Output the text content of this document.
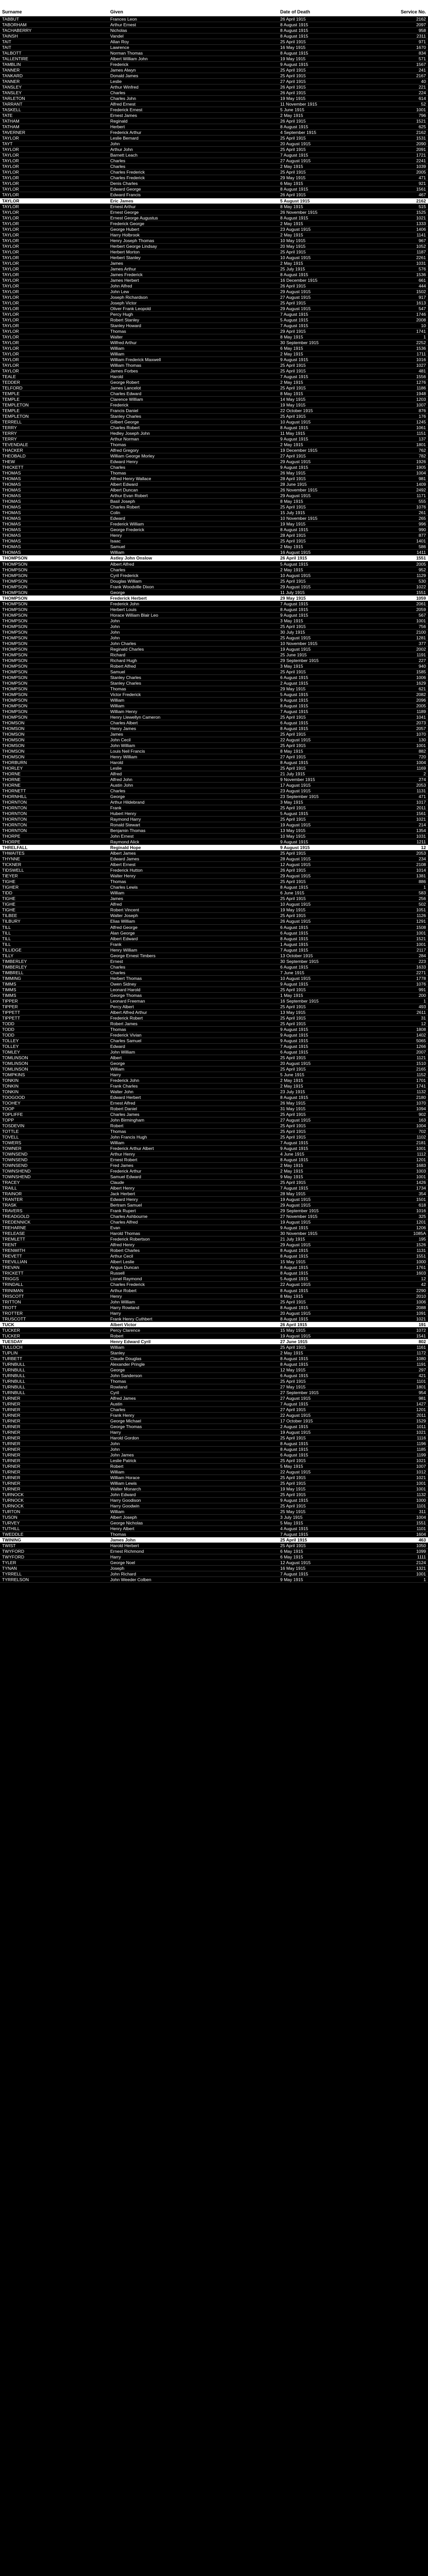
Surname	Given	Date of Death	Service No.
TABBUT	Frances Leon	26 April 1915	2162
TABORHAM	Arthur Ernest	8 August 1915	2097
TACHABERRY	Nicholas	8 August 1915	958
TAINSH	Vandel	8 August 1915	2311
TAIT	Allan Roy	25 April 1915	971
TAIT	Lawrence	16 May 1915	1670
TALBOTT	Norman Thomas	8 August 1915	834
TALLENTIRE	Albert William John	19 May 1915	571
TAMBLIN	Frederick	9 August 1915	1567
TANNER	James Alwyn	25 April 1915	241
TANKARD	Donald James	25 April 1915	2167
TANNER	Leslie	27 April 1915	40
TANSLEY	Arthur Winfred	26 April 1915	221
TANSLEY	Charles	26 April 1915	224
TARLETON	Charles John	19 May 1915	614
TARRANT	Alfred Ernest	11 November 1915	52
TASKELL	Frederick Ernest	5 June 1915	1001
TATE	Ernest James	2 May 1915	796
TATHAM	Reginald	26 April 1915	1521
TATHAM	Herbert	8 August 1915	625
TAVERNER	Frederick Arthur	4 September 1915	2162
TAYLOR	Leslie Bernard	25 April 1915	1531
TAYT	John	20 August 1915	2090
TAYLOR	Arthur John	25 April 1915	2091
TAYLOR	Barnett Leach	7 August 1915	1721
TAYLOR	Charles	27 August 1915	2241
TAYLOR	Charles	2 May 1915	1039
TAYLOR	Charles Frederick	25 April 1915	2005
TAYLOR	Charles Frederick	29 May 1915	471
TAYLOR	Denis Charles	6 May 1915	921
TAYLOR	Edward George	8 August 1915	1561
TAYLOR	Edward Francis	26 April 1915	467
TAYLOR	Eric James	5 August 1915	2162
TAYLOR	Ernest Arthur	8 May 1915	515
TAYLOR	Ernest George	26 November 1915	1525
TAYLOR	Ernest George Augustus	8 August 1915	1021
TAYLOR	Frederick George	2 May 1915	1333
TAYLOR	George Hubert	23 August 1915	1406
TAYLOR	Harry Holbrook	2 May 1915	1141
TAYLOR	Henry Joseph Thomas	10 May 1915	967
TAYLOR	Herbert George Lindsay	20 May 1915	1052
TAYLOR	Herbert Morton	25 April 1915	1187
TAYLOR	Herbert Stanley	10 August 1915	2261
TAYLOR	James	2 May 1915	1031
TAYLOR	James Arthur	25 July 1915	576
TAYLOR	James Frederick	8 August 1915	1536
TAYLOR	James Herbert	16 December 1915	661
TAYLOR	John Alfred	26 April 1915	444
TAYLOR	John Lew	29 August 1915	1502
TAYLOR	Joseph Richardson	27 August 1915	917
TAYLOR	Joseph Victor	25 April 1915	1613
TAYLOR	Oliver Frank Leopold	29 August 1915	547
TAYLOR	Percy Hugh	7 August 1915	1746
TAYLOR	Robert Stanley	5 August 1915	2008
TAYLOR	Stanley Howard	7 August 1915	10
TAYLOR	Thomas	29 April 1915	1741
TAYLOR	Walter	8 May 1915	1
TAYLOR	Wilfred Arthur	30 September 1915	2252
TAYLOR	William	6 May 1915	1536
TAYLOR	William	2 May 1915	1711
TAYLOR	William Frederick Maxwell	9 August 1915	1016
TAYLOR	William Thomas	25 April 1915	1027
TAYLOR	James Forbes	25 April 1915	481
TEALE	Harold	7 August 1915	1556
TEDDER	George Robert	2 May 1915	1276
TELFORD	James Lancelot	25 April 1915	1186
TEMPLE	Charles Edward	8 May 1915	1948
TEMPLE	Clarence William	14 May 1915	1203
TEMPLETON	Frederick	19 May 1915	1007
TEMPLE	Francis Daniel	22 October 1915	876
TEMPLETON	Stanley Charles	25 April 1915	176
TERRELL	Gilbert George	10 August 1915	1245
TERRY	Charles Robert	8 August 1915	1061
TERRY	Hedley Joseph John	11 May 1915	1151
TERRY	Arthur Norman	9 August 1915	137
TEVENDALE	Thomas	2 May 1915	1801
THACKER	Alfred Gregory	19 December 1915	762
THEOBALD	William George Morley	27 April 1915	782
THEW	Edward Henry	29 August 1915	1926
THICKETT	Charles	9 August 1915	1905
THOMAS	Thomas	26 May 1915	1004
THOMAS	Alfred Henry Wallace	28 April 1915	981
THOMAS	Albert Edward	28 June 1915	1409
THOMAS	Albert Duncan	26 November 1915	2492
THOMAS	Arthur Evan Robert	29 August 1915	1171
THOMAS	Basil Joseph	8 May 1915	555
THOMAS	Charles Robert	25 April 1915	1076
THOMAS	Colin	15 July 1915	261
THOMAS	Edward	10 November 1915	265
THOMAS	Frederick William	19 May 1915	996
THOMAS	George Frederick	8 August 1915	990
THOMAS	Henry	28 April 1915	877
THOMAS	Isaac	25 April 1915	1401
THOMAS	Samuel	2 May 1915	586
THOMAS	William	16 August 1915	1411
THOMPSON	Astley John Onslow	26 April 1915	1551
THOMPSON	Albert Alfred	5 August 1915	2005
THOMPSON	Charles	2 May 1915	952
THOMPSON	Cyril Frederick	10 August 1915	1129
THOMPSON	Douglas William	25 April 1915	530
THOMPSON	Frank Woodville Dixon	29 August 1915	1022
THOMPSON	George	11 July 1915	1551
THOMPSON	Frederick Herbert	29 May 1915	1059
THOMPSON	Frederick John	7 August 1915	2061
THOMPSON	Herbert Louis	8 August 1915	2059
THOMPSON	Horace William Blair Leo	9 August 1915	567
THOMPSON	John	3 May 1915	1001
THOMPSON	John	25 April 1915	756
THOMPSON	John	30 July 1915	2100
THOMPSON	John	25 August 1915	1281
THOMPSON	John Charles	10 November 1915	377
THOMPSON	Reginald Charles	19 August 1915	2002
THOMPSON	Richard	25 June 1915	1191
THOMPSON	Richard Hugh	29 September 1915	227
THOMPSON	Robert Alfred	3 May 1915	940
THOMPSON	Samuel	25 April 1915	1585
THOMPSON	Stanley Charles	6 August 1915	1006
THOMPSON	Stanley Charles	2 August 1915	1629
THOMPSON	Thomas	29 May 1915	621
THOMPSON	Victor Frederick	5 August 1915	2082
THOMPSON	William	9 August 1915	2096
THOMPSON	William	8 August 1915	2005
THOMPSON	William Henry	7 August 1915	1189
THOMPSON	Henry Llewellyn Cameron	25 April 1915	1041
THOMSON	Charles Albert	6 August 1915	2073
THOMSON	Henry James	8 August 1915	2057
THOMSON	James	25 April 1915	1070
THOMSON	John Cecil	22 August 1915	130
THOMSON	John William	25 April 1915	1001
THOMSON	Louis Neil Francis	8 May 1915	882
THOMSON	Henry William	27 April 1915	720
THORBURN	Harold	8 August 1915	1004
THORLEY	Leslie	25 April 1915	1169
THORNE	Alfred	21 July 1915	2
THORNE	Alfred John	9 November 1915	274
THORNE	Austin John	17 August 1915	2053
THORNETT	Charles	23 August 1915	1131
THORNHILL	George	23 September 1915	471
THORNTON	Arthur Hildebrand	3 May 1915	1017
THORNTON	Frank	25 April 1915	2011
THORNTON	Hubert Henry	5 August 1915	1561
THORNTON	Raymond Harry	25 April 1915	1021
THORNTON	Ronald Stewart	19 August 1915	214
THORNTON	Benjamin Thomas	13 May 1915	1354
THORPE	John Ernest	10 May 1915	1031
THORPE	Raymond Alick	9 August 1915	1211
THRELFALL	Reginald Hope	9 August 1915	12
THWAITES	Albert James	25 April 1915	2053
THYNNE	Edward James	28 August 1915	234
TICKNER	Albert Ernest	12 August 1915	2108
TIDSWELL	Frederick Hutton	26 April 1915	1014
TIEYER	Walter Henry	29 August 1915	1381
TIGHE	Thomas	25 April 1915	886
TIGHER	Charles Lewis	8 August 1915	1
TIDD	William	6 June 1915	583
TIGHE	James	25 April 1915	256
TIGHE	Alfred	10 August 1915	502
TIGHE	Robert Vincent	19 May 1915	1051
TILBEE	Walter Joseph	25 April 1915	1126
TILBURY	Elias William	26 August 1915	1291
TILL	Alfred George	6 August 1915	1508
TILL	Alan George	6 August 1915	1001
TILL	Albert Edward	8 August 1915	1521
TILL	Frank	1 August 1915	1001
TILLIDGE	Henry William	7 August 1915	2117
TILLY	George Ernest Timbers	13 October 1915	284
TIMBERLEY	Ernest	30 September 1915	223
TIMBERLEY	Charles	6 August 1915	1633
TIMBRELL	Charles	7 June 1915	2271
TIMMING	Herbert Thomas	10 August 1915	1778
TIMMS	Owen Sidney	9 August 1915	1076
TIMMS	Leonard Harold	25 April 1915	991
TIMMS	George Thomas	1 May 1915	200
TIPPER	Leonard Freeman	16 September 1915	1
TIPPER	Percy Albert	25 April 1915	493
TIPPETT	Albert Alfred Arthur	13 May 1915	2611
TIPPETT	Frederick Robert	25 April 1915	31
TODD	Robert James	25 April 1915	12
TODD	Thomas	9 August 1915	1808
TODD	Frederick Vivian	9 August 1915	1402
TOLLEY	Charles Samuel	9 August 1915	5065
TOLLEY	Edward	7 August 1915	1266
TOMLEY	John William	6 August 1915	2007
TOMLINSON	Albert	25 April 1915	1121
TOMLINSON	George	20 August 1915	1510
TOMLINSON	William	25 April 1915	2165
TOMPKINS	Harry	5 June 1915	1152
TONKIN	Frederick John	2 May 1915	1701
TONKIN	Frank Charles	2 May 1915	1741
TONKIN	Walter John	23 July 1915	1132
TOOGOOD	Edward Herbert	8 August 1915	2180
TOOHEY	Ernest Alfred	26 May 1915	1070
TOOP	Robert Daniel	31 May 1915	1094
TOPLIFFE	Charles James	25 April 1915	902
TOPP	John Birmingham	27 August 1915	163
TOSDEVIN	Robert	25 April 1915	1004
TOTTLE	Thomas	25 April 1915	702
TOVELL	John Francis Hugh	25 April 1915	1102
TOWERS	William	7 August 1915	2181
TOWNER	Frederick Arthur Albert	9 August 1915	1001
TOWNSEND	Arthur Henry	4 June 1915	1112
TOWNSEND	Ernest Robert	8 August 1915	1201
TOWNSEND	Fred James	2 May 1915	1683
TOWNSHEND	Frederick Arthur	2 May 1915	1003
TOWNSHEND	Samuel Edward	9 May 1915	1001
TRACEY	Claude	25 April 1915	1426
TRAILL	Albert Henry	7 August 1915	1734
TRAINOR	Jack Herbert	28 May 1915	354
TRANTER	Edward Henry	19 August 1915	1501
TRASK	Bertram Samuel	29 August 1915	618
TRAVERS	Frank Rupert	29 September 1915	1016
TREADGOLD	Charles Ashbourne	27 November 1915	325
TREDENNICK	Charles Alfred	19 August 1915	1201
TREHARNE	Evan	9 August 1915	1206
TRELEASE	Harold Thomas	30 November 1915	1085A
TREMLETT	Frederick Robertson	21 July 1915	195
TRENT	Alfred Henry	29 August 1915	1526
TRENWITH	Robert Charles	8 August 1915	1131
TREVETT	Arthur Cecil	8 August 1915	1551
TREVILLIAN	Albert Leslie	15 May 1915	1000
TREVAN	Angus Duncan	8 August 1915	1761
TRICKETT	Russell	8 August 1915	1603
TRIGGS	Lionel Raymond	5 August 1915	12
TRINDALL	Charles Frederick	22 August 1915	42
TRINIMAN	Arthur Robert	8 August 1915	2290
TRISCOTT	Henry	8 May 1915	2010
TRITTON	John William	25 April 1915	1006
TROTT	Harry Rowland	8 August 1915	2088
TROTTER	Harry	20 August 1915	1091
TRUSCOTT	Frank Henry Cuthbert	8 August 1915	1021
TUCK	Albert Victor	26 April 1915	191
TUCKER	Percy Clarence	15 May 1915	1072
TUCKER	Robert	19 August 1915	1541
TUESDAY	Henry Edward Cyril	27 June 1915	802
TULLOCH	William	25 April 1915	1161
TUPLIN	Stanley	2 May 1915	1172
TURBETT	Claude Douglas	8 August 1915	1080
TURNBULL	Alexander Pringle	8 August 1915	1191
TURNBULL	George	12 May 1915	297
TURNBULL	John Sanderson	6 August 1915	421
TURNBULL	Thomas	25 April 1915	1101
TURNBULL	Rowland	27 May 1915	1801
TURNBULL	Cyril	27 September 1915	954
TURNER	Alfred James	27 August 1915	981
TURNER	Austin	7 August 1915	1427
TURNER	Charles	27 April 1915	1201
TURNER	Frank Henry	22 August 1915	2011
TURNER	George Michael	17 October 1915	1529
TURNER	George Thomas	2 August 1915	1011
TURNER	Harry	19 August 1915	1021
TURNER	Harold Gordon	25 April 1915	1116
TURNER	John	8 August 1915	1196
TURNER	John	8 August 1915	1185
TURNER	John James	6 August 1915	1199
TURNER	Leslie Patrick	25 April 1915	1021
TURNER	Robert	5 May 1915	1007
TURNER	William	22 August 1915	1012
TURNER	William Horace	25 April 1915	1021
TURNER	William Lewis	25 April 1915	1001
TURNER	Walter Monarch	19 May 1915	1001
TURNOCK	John Edward	25 April 1915	1132
TURNOCK	Harry Goodison	9 August 1915	1000
TURNOCK	Harry Goodwin	25 April 1915	1101
TURTON	William	25 May 1915	311
TUSON	Albert Joseph	3 July 1915	1004
TURVEY	George Nicholas	5 May 1915	1551
TUTHILL	Henry Albert	4 August 1915	1101
TWEDDLE	Thomas	7 August 1915	1604
TWINING	James John	25 April 1915	463
TWIST	Harold Herbert	25 April 1915	1050
TWYFORD	Ernest Richmond	6 May 1915	1099
TWYFORD	Harry	6 May 1915	1111
TYLER	George Noel	12 August 1915	2124
TYNAN	Joseph	16 May 1915	1321
TYRRELL	John Richard	7 August 1915	1001
TYRRELSON	John Weeder Colben	9 May 1915	1
